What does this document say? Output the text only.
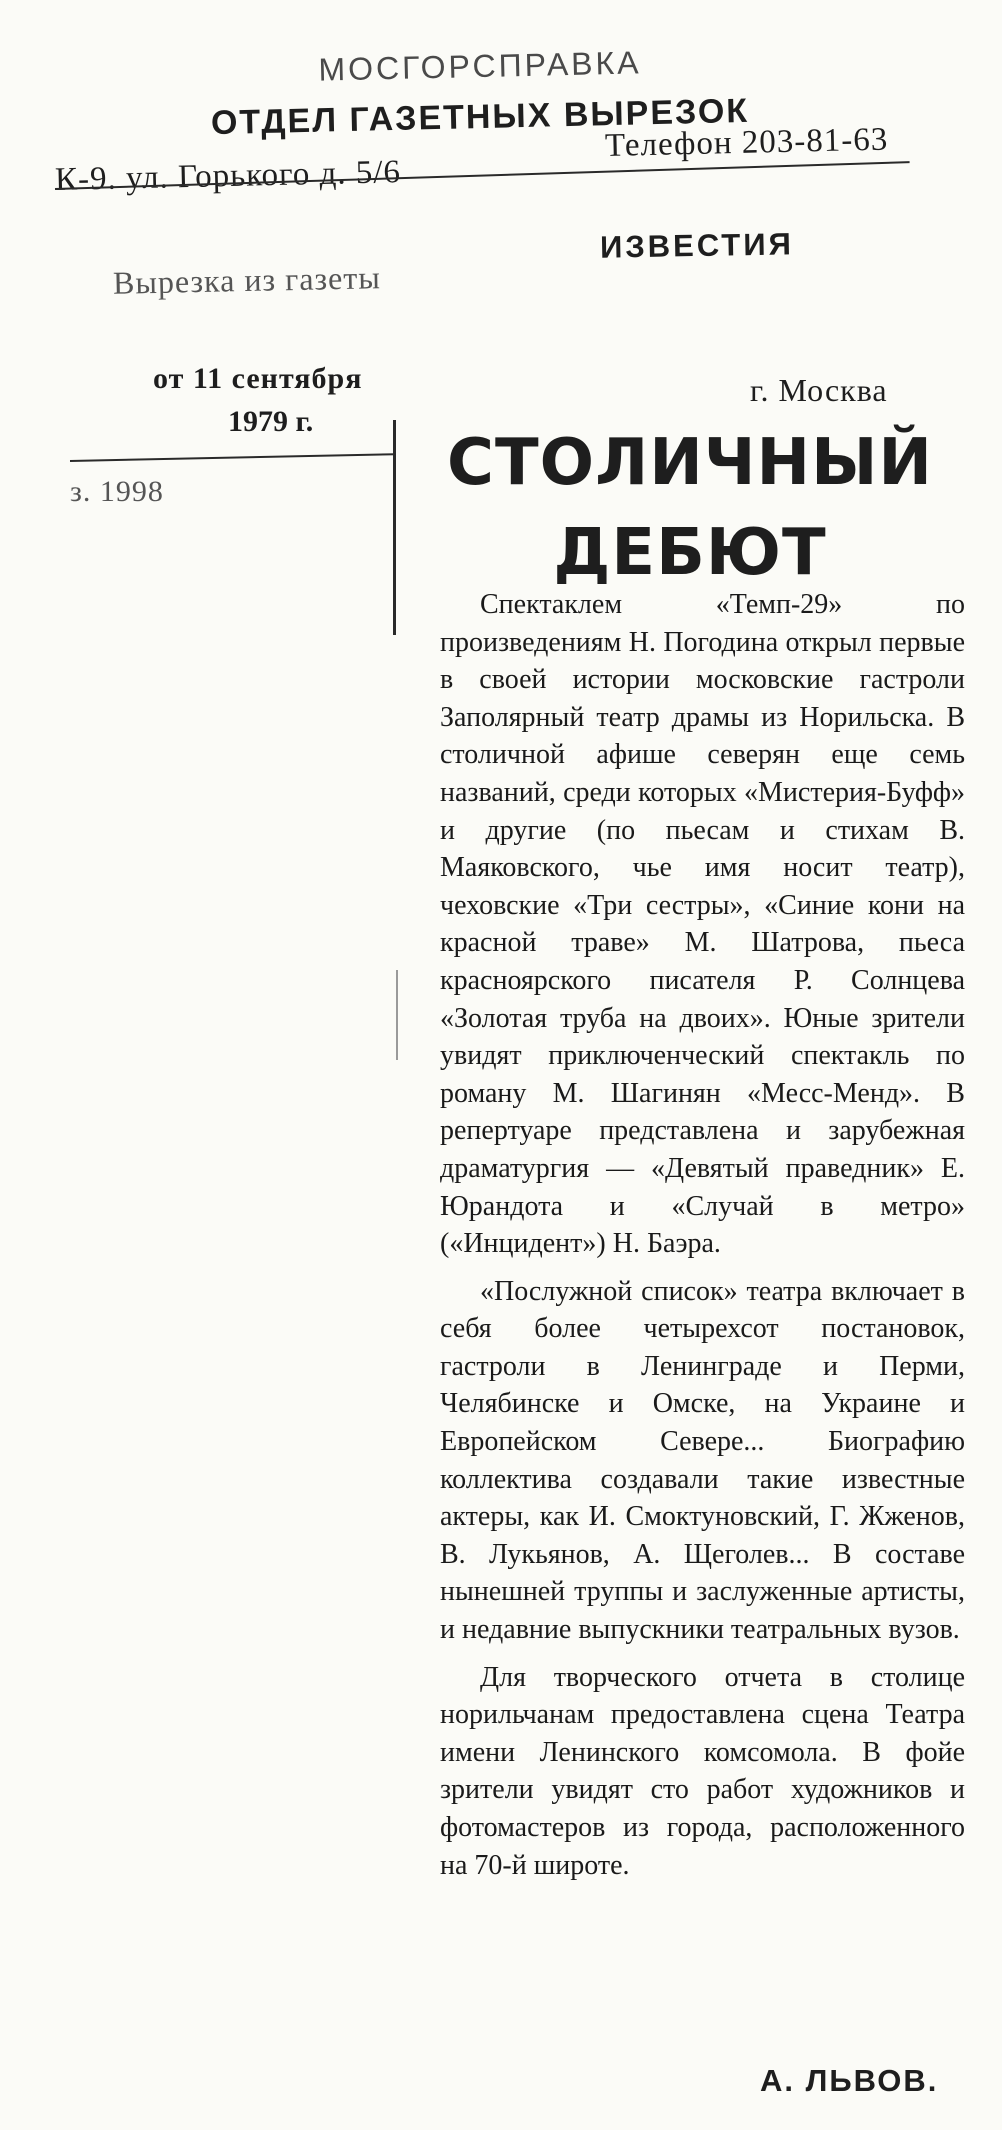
МОСГОРСПРАВКА
ОТДЕЛ ГАЗЕТНЫХ ВЫРЕЗОК
Телефон 203-81-63
К-9. ул. Горького д. 5/6
Вырезка из газеты
ИЗВЕСТИЯ
от 11 сентября
1979 г.
з. 1998
г. Москва
СТОЛИЧНЫЙ
ДЕБЮТ

Спектаклем «Темп-29» по произведениям Н. Погодина открыл первые в своей истории московские гастроли Заполярный театр драмы из Норильска. В столичной афише северян еще семь названий, среди которых «Мистерия-Буфф» и другие (по пьесам и стихам В. Маяковского, чье имя носит театр), чеховские «Три сестры», «Синие кони на красной траве» М. Шатрова, пьеса красноярского писателя Р. Солнцева «Золотая труба на двоих». Юные зрители увидят приключенческий спектакль по роману М. Шагинян «Месс-Менд». В репертуаре представлена и зарубежная драматургия — «Девятый праведник» Е. Юрандота и «Случай в метро» («Инцидент») Н. Баэра.

«Послужной список» театра включает в себя более четырехсот постановок, гастроли в Ленинграде и Перми, Челябинске и Омске, на Украине и Европейском Севере... Биографию коллектива создавали такие известные актеры, как И. Смоктуновский, Г. Жженов, В. Лукьянов, А. Щеголев... В составе нынешней труппы и заслуженные артисты, и недавние выпускники театральных вузов.

Для творческого отчета в столице норильчанам предоставлена сцена Театра имени Ленинского комсомола. В фойе зрители увидят сто работ художников и фотомастеров из города, расположенного на 70-й широте.

А. ЛЬВОВ.
